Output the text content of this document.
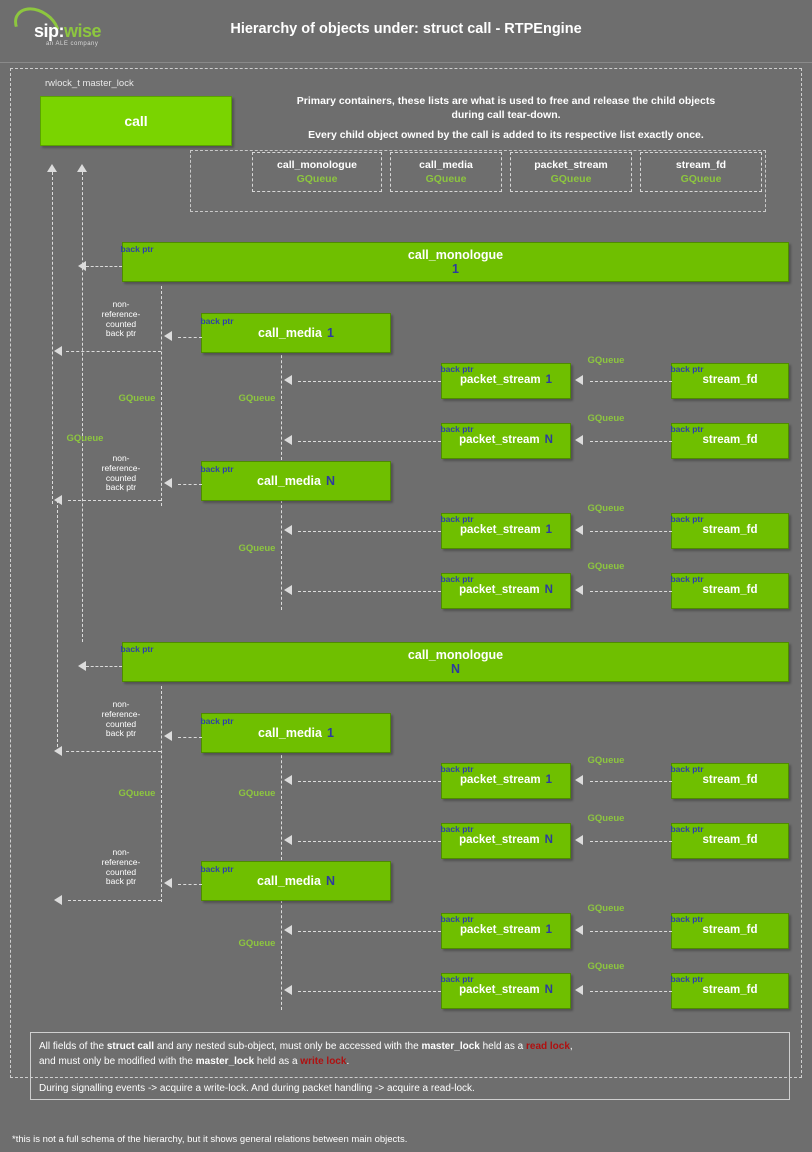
sip:wise
an ALE company
Hierarchy of objects under: struct call - RTPEngine
rwlock_t master_lock
call
Primary containers, these lists are what is used to free and release the child objects
during call tear-down.
Every child object owned by the call is added to its respective list exactly once.
call_monologue
GQueue
call_media
GQueue
packet_stream
GQueue
stream_fd
GQueue
call_monologue
1
back ptr
call_media 1
back ptr
non-
reference-
counted
back ptr
GQueue
GQueue
GQueue
packet_stream 1
back ptr
stream_fd
back ptr
GQueue
packet_stream N
back ptr
stream_fd
back ptr
GQueue
call_media N
back ptr
non-
reference-
counted
back ptr
packet_stream 1
back ptr
stream_fd
back ptr
GQueue
GQueue
packet_stream N
back ptr
stream_fd
back ptr
GQueue
call_monologue
N
back ptr
call_media 1
back ptr
non-
reference-
counted
back ptr
GQueue	GQueue
packet_stream 1
back ptr
stream_fd
back ptr
GQueue
packet_stream N
back ptr
stream_fd
back ptr
GQueue
call_media N
back ptr
non-
reference-
counted
back ptr
packet_stream 1
back ptr
stream_fd
back ptr
GQueue
GQueue
packet_stream N
back ptr
stream_fd
back ptr
GQueue
All fields of the struct call and any nested sub-object, must only be accessed with the master_lock held as a read lock,
and must only be modified with the master_lock held as a write lock.
During signalling events -> acquire a write-lock. And during packet handling -> acquire a read-lock.
*this is not a full schema of the hierarchy, but it shows general relations between main objects.
